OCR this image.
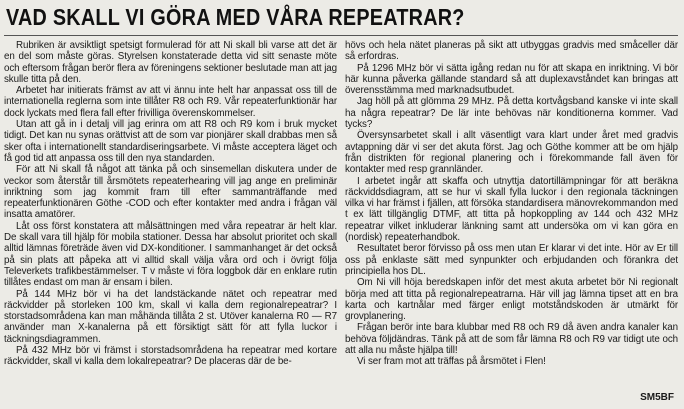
VAD SKALL VI GÖRA MED VÅRA REPEATRAR?

Rubriken är avsiktligt spetsigt formulerad för att Ni skall bli varse att det är en del som måste göras. Styrelsen konstaterade detta vid sitt senaste möte och eftersom frågan berör flera av föreningens sektioner beslutade man att jag skulle titta på den.

Arbetet har initierats främst av att vi ännu inte helt har anpassat oss till de internationella reglerna som inte tillåter R8 och R9. Vår repeaterfunktionär har dock lyckats med flera fall efter frivilliga överenskommelser.

Utan att gå in i detalj vill jag erinra om att R8 och R9 kom i bruk mycket tidigt. Det kan nu synas orättvist att de som var pionjärer skall drabbas men så sker ofta i internationellt standardiseringsarbete. Vi måste acceptera läget och få god tid att anpassa oss till den nya standarden.

För att Ni skall få något att tänka på och sinsemellan diskutera under de veckor som återstår till årsmötets repeaterhearing vill jag ange en preliminär inriktning som jag kommit fram till efter sammanträffande med repeaterfunktionären Göthe -COD och efter kontakter med andra i frågan väl insatta amatörer.

Låt oss först konstatera att målsättningen med våra repeatrar är helt klar. De skall vara till hjälp för mobila stationer. Dessa har absolut prioritet och skall alltid lämnas företräde även vid DX-konditioner. I sammanhanget är det också på sin plats att påpeka att vi alltid skall välja våra ord och i övrigt följa Televerkets trafikbestämmelser. T v måste vi föra loggbok där en enklare rutin tillåtes endast om man är ensam i bilen.

På 144 MHz bör vi ha det landstäckande nätet och repeatrar med räckvidder på storleken 100 km, skall vi kalla dem regionalrepeatrar? I storstadsområdena kan man måhända tillåta 2 st. Utöver kanalerna R0 — R7 använder man X-kanalerna på ett försiktigt sätt för att fylla luckor i täckningsdiagrammen.

På 432 MHz bör vi främst i storstadsområdena ha repeatrar med kortare räckvidder, skall vi kalla dem lokalrepeatrar? De placeras där de be-

hövs och hela nätet planeras på sikt att utbyggas gradvis med småceller där så erfordras.

På 1296 MHz bör vi sätta igång redan nu för att skapa en inriktning. Vi bör här kunna påverka gällande standard så att duplexavståndet kan bringas att överensstämma med marknadsutbudet.

Jag höll på att glömma 29 MHz. På detta kortvågsband kanske vi inte skall ha några repeatrar? De lär inte behövas när konditionerna kommer. Vad tycks?

Översynsarbetet skall i allt väsentligt vara klart under året med gradvis avtappning där vi ser det akuta först. Jag och Göthe kommer att be om hjälp från distrikten för regional planering och i förekommande fall även för kontakter med resp grannländer.

I arbetet ingår att skaffa och utnyttja datortillämpningar för att beräkna räckviddsdiagram, att se hur vi skall fylla luckor i den regionala täckningen vilka vi har främst i fjällen, att försöka standardisera mänovrekommandon med t ex lätt tillgänglig DTMF, att titta på hopkoppling av 144 och 432 MHz repeatrar vilket inkluderar länkning samt att undersöka om vi kan göra en (nordisk) repeaterhandbok.

Resultatet beror förvisso på oss men utan Er klarar vi det inte. Hör av Er till oss på enklaste sätt med synpunkter och erbjudanden och förankra det principiella hos DL.

Om Ni vill höja beredskapen inför det mest akuta arbetet bör Ni regionalt börja med att titta på regionalrepeatrarna. Här vill jag lämna tipset att en bra karta och kartnålar med färger enligt motståndskoden är utmärkt för grovplanering.

Frågan berör inte bara klubbar med R8 och R9 då även andra kanaler kan behöva följdändras. Tänk på att de som får lämna R8 och R9 var tidigt ute och att alla nu måste hjälpa till!

Vi ser fram mot att träffas på årsmötet i Flen!

SM5BF
